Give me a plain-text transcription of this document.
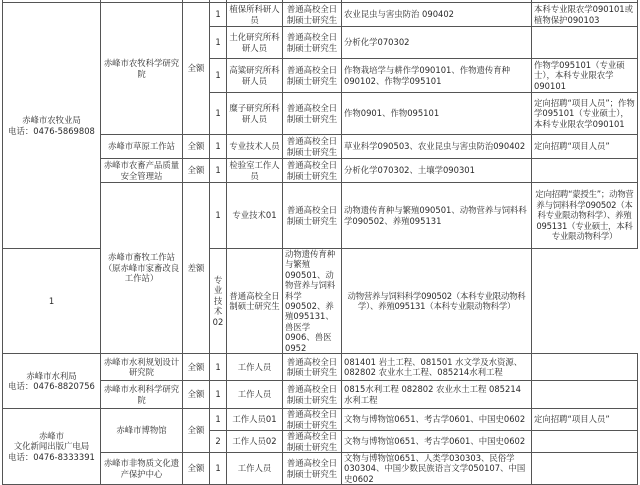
赤峰市农牧业局
电话：0476-5869808	赤峰市农牧科学研究院	全额	1	植保所科研人员	普通高校全日制硕士研究生	农业昆虫与害虫防治 090402	本科专业限农学090101或植物保护090103
			1	土化研究所科研人员	普通高校全日制硕士研究生	分析化学070302	
			1	高粱研究所科研人员	普通高校全日制硕士研究生	作物栽培学与耕作学090101、作物遗传育种090102、作物学095101	作物学095101（专业硕士），本科专业限农学090101
			1	糜子研究所科研人员	普通高校全日制硕士研究生	作物0901、作物095101	定向招聘“项目人员”；作物学095101（专业硕士），本科专业限农学090101
	赤峰市草原工作站	全额	1	专业技术人员	普通高校全日制硕士研究生	草业科学090503、农业昆虫与害虫防治090402	定向招聘“项目人员”
	赤峰市农畜产品质量安全管理站	全额	1	检验室工作人员	普通高校全日制硕士研究生	分析化学070302、土壤学090301	
	赤峰市畜牧工作站（原赤峰市家畜改良工作站）	差额	1	专业技术01	普通高校全日制硕士研究生	动物遗传育种与繁殖090501、动物营养与饲料科学090502、养殖095131	定向招聘“蒙授生”；动物营养与饲料科学090502（本科专业限动物科学）、养殖095131（专业硕士，本科专业限动物科学）
1			专业技术02	普通高校全日制硕士研究生	动物遗传育种与繁殖090501、动物营养与饲料科学090502、养殖095131、兽医学0906、兽医0952	动物营养与饲料科学090502（本科专业限动物科学）、养殖095131（本科专业限动物科学）	

赤峰市水利局
电话：0476-8820756	赤峰市水利规划设计研究院	全额	1	工作人员	普通高校全日制硕士研究生	081401 岩土工程、081501 水文学及水资源、082802 农业水土工程、085214水利工程	
	赤峰市水利科学研究院	全额	1	工作人员	普通高校全日制硕士研究生	0815水利工程 082802 农业水土工程 085214水利工程	

赤峰市
文化新闻出版广电局
电话：0476-8333391	赤峰市博物馆	全额	1	工作人员01	普通高校全日制硕士研究生	文物与博物馆0651、考古学0601、中国史0602	定向招聘“项目人员”
			2	工作人员02	普通高校全日制硕士研究生	文物与博物馆0651、考古学0601、中国史0602	
	赤峰市非物质文化遗产保护中心	全额	1	工作人员	普通高校全日制硕士研究生	文物与博物馆0651、人类学030303、民俗学030304、中国少数民族语言文学050107、中国史0602	
